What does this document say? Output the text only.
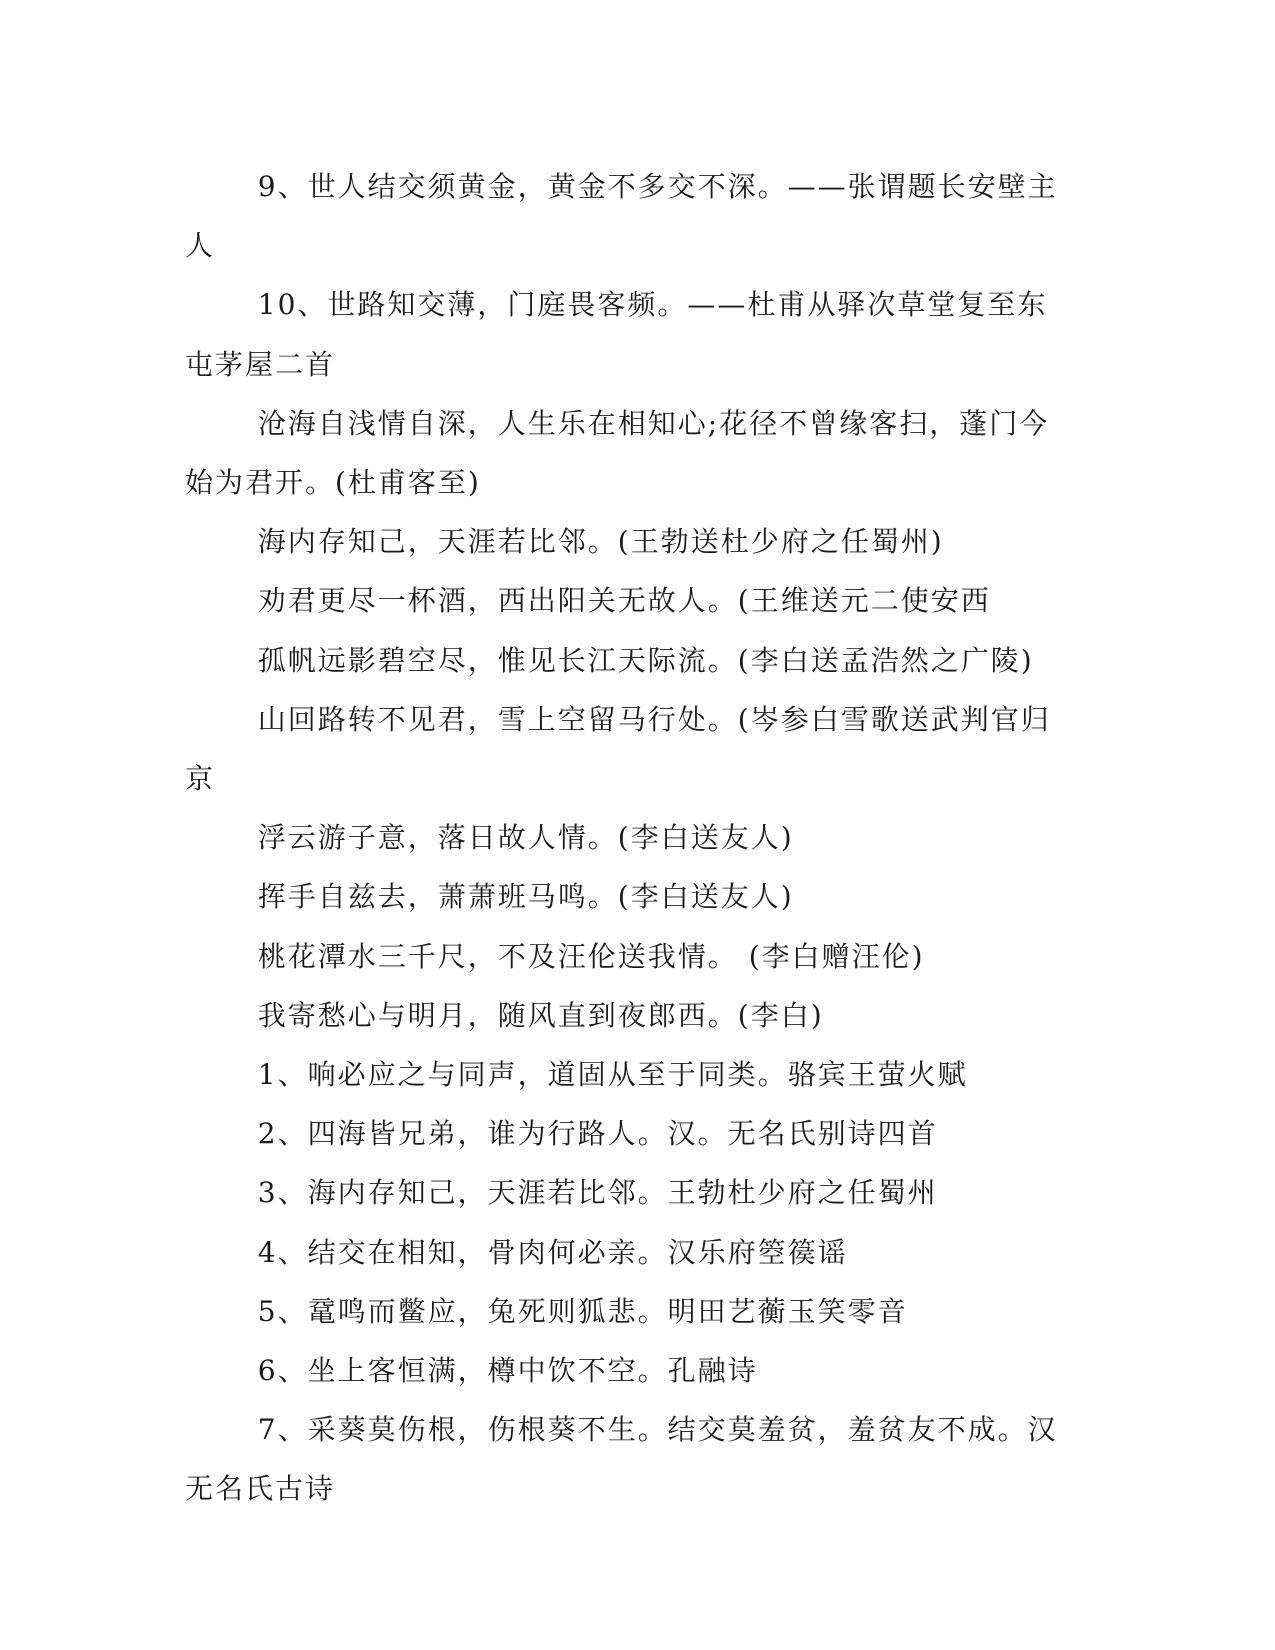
9、世人结交须黄金，黄金不多交不深。——张谓题长安壁主人

10、世路知交薄，门庭畏客频。——杜甫从驿次草堂复至东屯茅屋二首

沧海自浅情自深，人生乐在相知心;花径不曾缘客扫，蓬门今始为君开。(杜甫客至)

海内存知己，天涯若比邻。(王勃送杜少府之任蜀州)

劝君更尽一杯酒，西出阳关无故人。(王维送元二使安西

孤帆远影碧空尽，惟见长江天际流。(李白送孟浩然之广陵)

山回路转不见君，雪上空留马行处。(岑参白雪歌送武判官归京

浮云游子意，落日故人情。(李白送友人)

挥手自兹去，萧萧班马鸣。(李白送友人)

桃花潭水三千尺，不及汪伦送我情。 (李白赠汪伦)

我寄愁心与明月，随风直到夜郎西。(李白)

1、响必应之与同声，道固从至于同类。骆宾王萤火赋

2、四海皆兄弟，谁为行路人。汉。无名氏别诗四首

3、海内存知己，天涯若比邻。王勃杜少府之任蜀州

4、结交在相知，骨肉何必亲。汉乐府箜篌谣

5、鼋鸣而鳖应，兔死则狐悲。明田艺蘅玉笑零音

6、坐上客恒满，樽中饮不空。孔融诗

7、采葵莫伤根，伤根葵不生。结交莫羞贫，羞贫友不成。汉无名氏古诗
